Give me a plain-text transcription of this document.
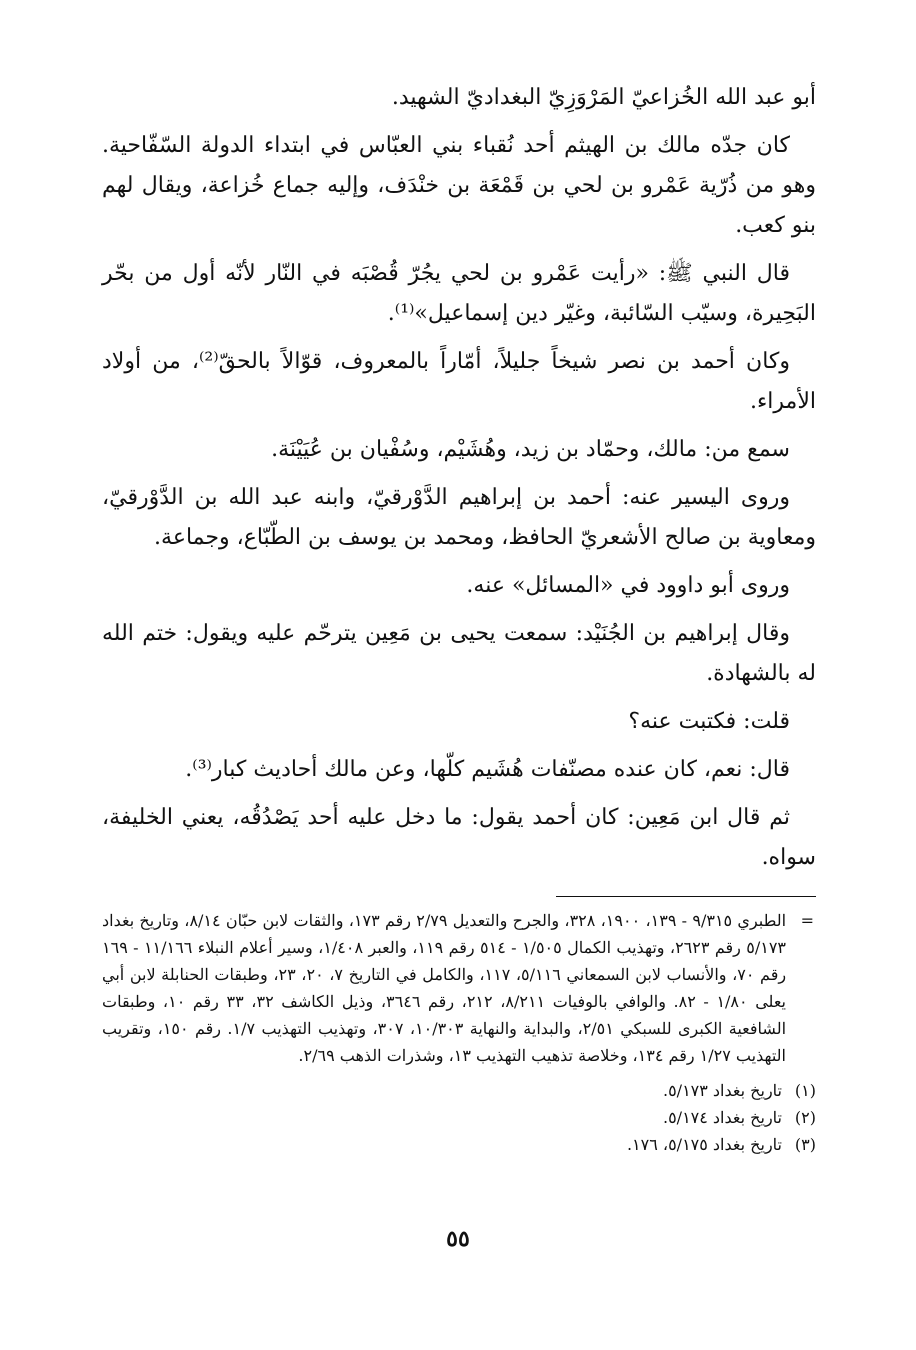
أبو عبد الله الخُزاعيّ المَرْوَزِيّ البغداديّ الشهيد.

كان جدّه مالك بن الهيثم أحد نُقباء بني العبّاس في ابتداء الدولة السّفّاحية. وهو من ذُرّية عَمْرو بن لحي بن قَمْعَة بن خنْدَف، وإليه جماع خُزاعة، ويقال لهم بنو كعب.

قال النبي ﷺ: «رأيت عَمْرو بن لحي يجُرّ قُصْبَه في النّار لأنّه أول من بحّر البَحِيرة، وسيّب السّائبة، وغيّر دين إسماعيل»⁽¹⁾.

وكان أحمد بن نصر شيخاً جليلاً، أمّاراً بالمعروف، قوّالاً بالحقّ⁽²⁾، من أولاد الأمراء.

سمع من: مالك، وحمّاد بن زيد، وهُشَيْم، وسُفْيان بن عُيَيْنَة.

وروى اليسير عنه: أحمد بن إبراهيم الدَّوْرقيّ، وابنه عبد الله بن الدَّوْرقيّ، ومعاوية بن صالح الأشعريّ الحافظ، ومحمد بن يوسف بن الطّبّاع، وجماعة.

وروى أبو داوود في «المسائل» عنه.

وقال إبراهيم بن الجُنَيْد: سمعت يحيى بن مَعِين يترحّم عليه ويقول: ختم الله له بالشهادة.

قلت: فكتبت عنه؟

قال: نعم، كان عنده مصنّفات هُشَيم كلّها، وعن مالك أحاديث كبار⁽³⁾.

ثم قال ابن مَعِين: كان أحمد يقول: ما دخل عليه أحد يَصْدُقُه، يعني الخليفة، سواه.

=
الطبري ٩/٣١٥ - ١٣٩، ١٩٠٠، ٣٢٨، والجرح والتعديل ٢/٧٩ رقم ١٧٣، والثقات لابن حبّان ٨/١٤، وتاريخ بغداد ٥/١٧٣ رقم ٢٦٢٣، وتهذيب الكمال ١/٥٠٥ - ٥١٤ رقم ١١٩، والعبر ١/٤٠٨، وسير أعلام النبلاء ١١/١٦٦ - ١٦٩ رقم ٧٠، والأنساب لابن السمعاني ٥/١١٦، ١١٧، والكامل في التاريخ ٧، ٢٠، ٢٣، وطبقات الحنابلة لابن أبي يعلى ١/٨٠ - ٨٢. والوافي بالوفيات ٨/٢١١، ٢١٢، رقم ٣٦٤٦، وذيل الكاشف ٣٢، ٣٣ رقم ١٠، وطبقات الشافعية الكبرى للسبكي ٢/٥١، والبداية والنهاية ١٠/٣٠٣، ٣٠٧، وتهذيب التهذيب ١/٧. رقم ١٥٠، وتقريب التهذيب ١/٢٧ رقم ١٣٤، وخلاصة تذهيب التهذيب ١٣، وشذرات الذهب ٢/٦٩.

(١)تاريخ بغداد ٥/١٧٣.

(٢)تاريخ بغداد ٥/١٧٤.

(٣)تاريخ بغداد ٥/١٧٥، ١٧٦.

٥٥
